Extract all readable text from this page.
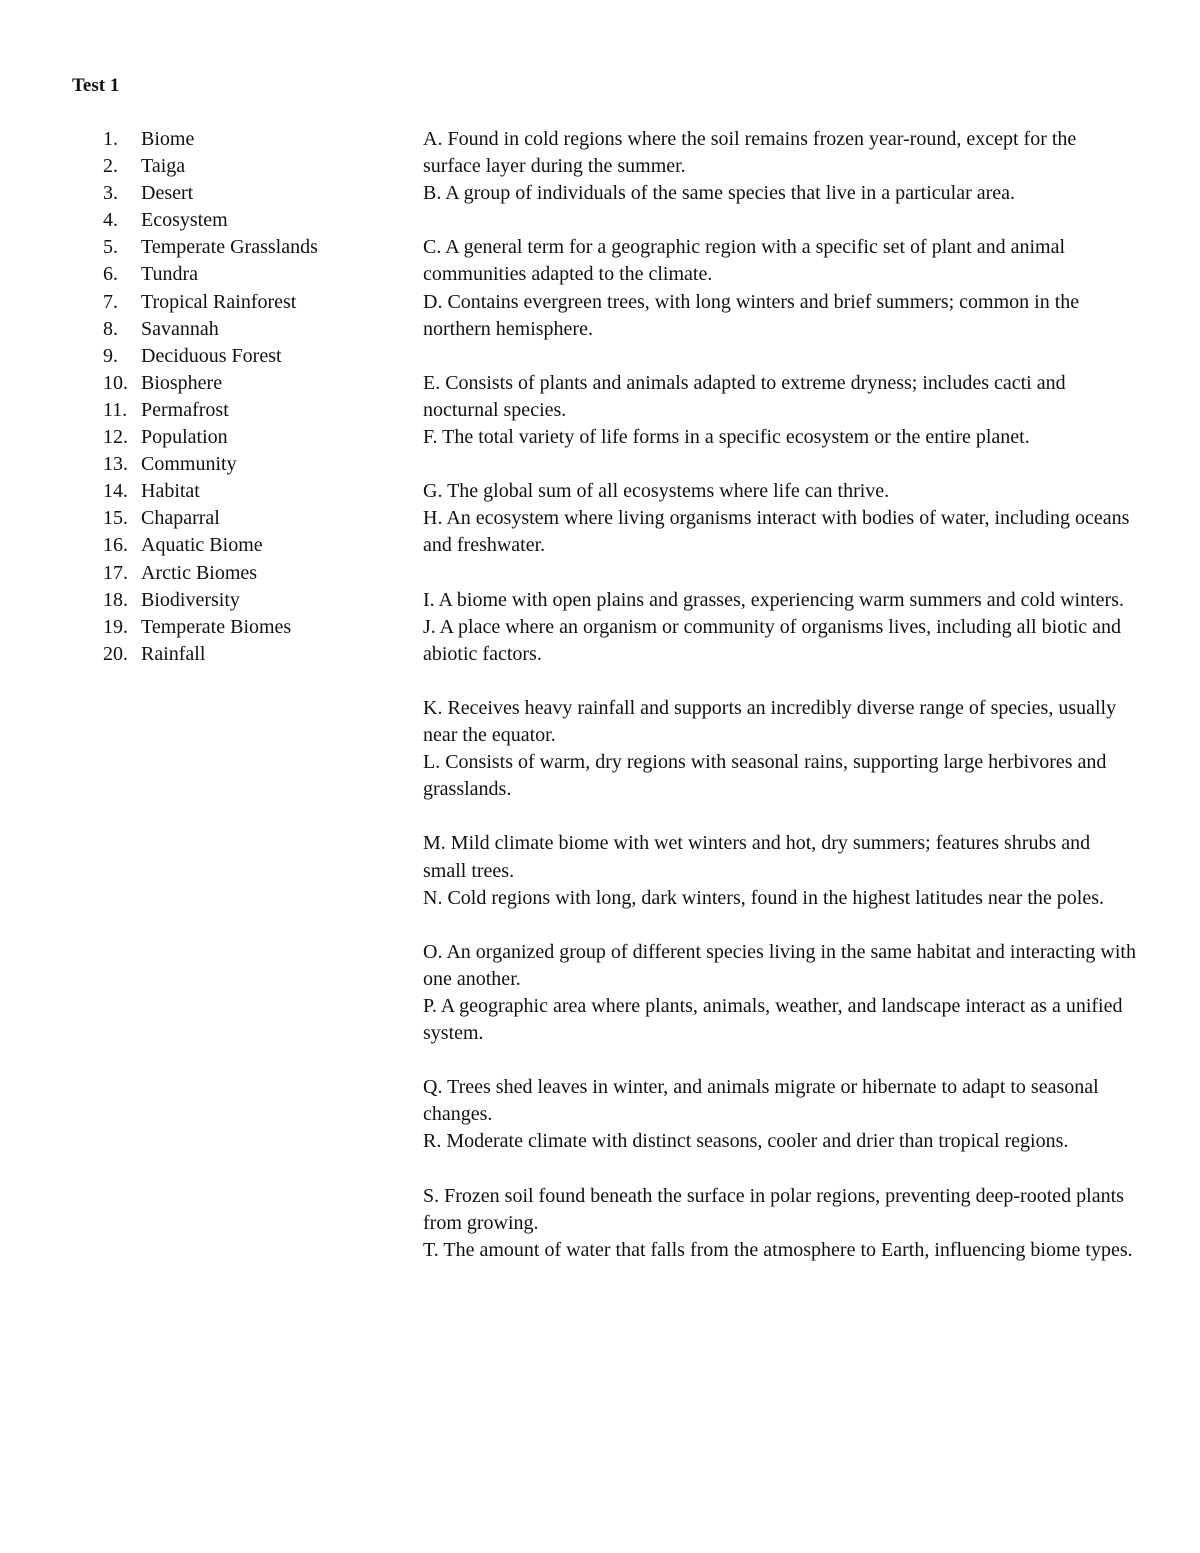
Test 1
1. Biome
2. Taiga
3. Desert
4. Ecosystem
5. Temperate Grasslands
6. Tundra
7. Tropical Rainforest
8. Savannah
9. Deciduous Forest
10. Biosphere
11. Permafrost
12. Population
13. Community
14. Habitat
15. Chaparral
16. Aquatic Biome
17. Arctic Biomes
18. Biodiversity
19. Temperate Biomes
20. Rainfall

A. Found in cold regions where the soil remains frozen year-round, except for the surface layer during the summer.

B. A group of individuals of the same species that live in a particular area.

C. A general term for a geographic region with a specific set of plant and animal communities adapted to the climate.

D. Contains evergreen trees, with long winters and brief summers; common in the northern hemisphere.

E. Consists of plants and animals adapted to extreme dryness; includes cacti and nocturnal species.

F. The total variety of life forms in a specific ecosystem or the entire planet.

G. The global sum of all ecosystems where life can thrive.

H. An ecosystem where living organisms interact with bodies of water, including oceans and freshwater.

I. A biome with open plains and grasses, experiencing warm summers and cold winters.

J. A place where an organism or community of organisms lives, including all biotic and abiotic factors.

K. Receives heavy rainfall and supports an incredibly diverse range of species, usually near the equator.

L. Consists of warm, dry regions with seasonal rains, supporting large herbivores and grasslands.

M. Mild climate biome with wet winters and hot, dry summers; features shrubs and small trees.

N. Cold regions with long, dark winters, found in the highest latitudes near the poles.

O. An organized group of different species living in the same habitat and interacting with one another.

P. A geographic area where plants, animals, weather, and landscape interact as a unified system.

Q. Trees shed leaves in winter, and animals migrate or hibernate to adapt to seasonal changes.

R. Moderate climate with distinct seasons, cooler and drier than tropical regions.

S. Frozen soil found beneath the surface in polar regions, preventing deep-rooted plants from growing.

T. The amount of water that falls from the atmosphere to Earth, influencing biome types.
